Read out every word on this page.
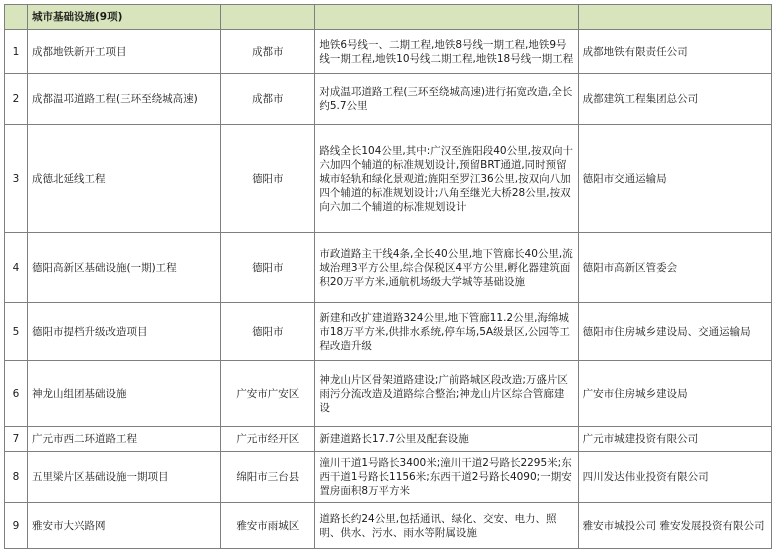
	城市基础设施(9项)			
1	成都地铁新开工项目	成都市	地铁6号线一、二期工程,地铁8号线一期工程,地铁9号线一期工程,地铁10号线二期工程,地铁18号线一期工程	成都地铁有限责任公司
2	成都温邛道路工程(三环至绕城高速)	成都市	对成温邛道路工程(三环至绕城高速)进行拓宽改造,全长约5.7公里	成都建筑工程集团总公司
3	成德北延线工程	德阳市	路线全长104公里,其中:广汉至旌阳段40公里,按双向十六加四个辅道的标准规划设计,预留BRT通道,同时预留城市轻轨和绿化景观道;旌阳至罗江36公里,按双向八加四个辅道的标准规划设计;八角至继光大桥28公里,按双向六加二个辅道的标准规划设计	德阳市交通运输局
4	德阳高新区基础设施(一期)工程	德阳市	市政道路主干线4条,全长40公里,地下管廊长40公里,流域治理3平方公里,综合保税区4平方公里,孵化器建筑面积20万平方米,通航机场级大学城等基础设施	德阳市高新区管委会
5	德阳市提档升级改造项目	德阳市	新建和改扩建道路324公里,地下管廊11.2公里,海绵城市18万平方米,供排水系统,停车场,5A级景区,公园等工程改造升级	德阳市住房城乡建设局、交通运输局
6	神龙山组团基础设施	广安市广安区	神龙山片区骨架道路建设;广前路城区段改造;万盛片区雨污分流改造及道路综合整治;神龙山片区综合管廊建设	广安市住房城乡建设局
7	广元市西二环道路工程	广元市经开区	新建道路长17.7公里及配套设施	广元市城建投资有限公司
8	五里梁片区基础设施一期项目	绵阳市三台县	潼川干道1号路长3400米;潼川干道2号路长2295米;东西干道1号路长1156米;东西干道2号路长4090;一期安置房面积8万平方米	四川发达伟业投资有限公司
9	雅安市大兴路网	雅安市雨城区	道路长约24公里,包括通讯、绿化、交安、电力、照明、供水、污水、雨水等附属设施	雅安市城投公司 雅安发展投资有限公司
